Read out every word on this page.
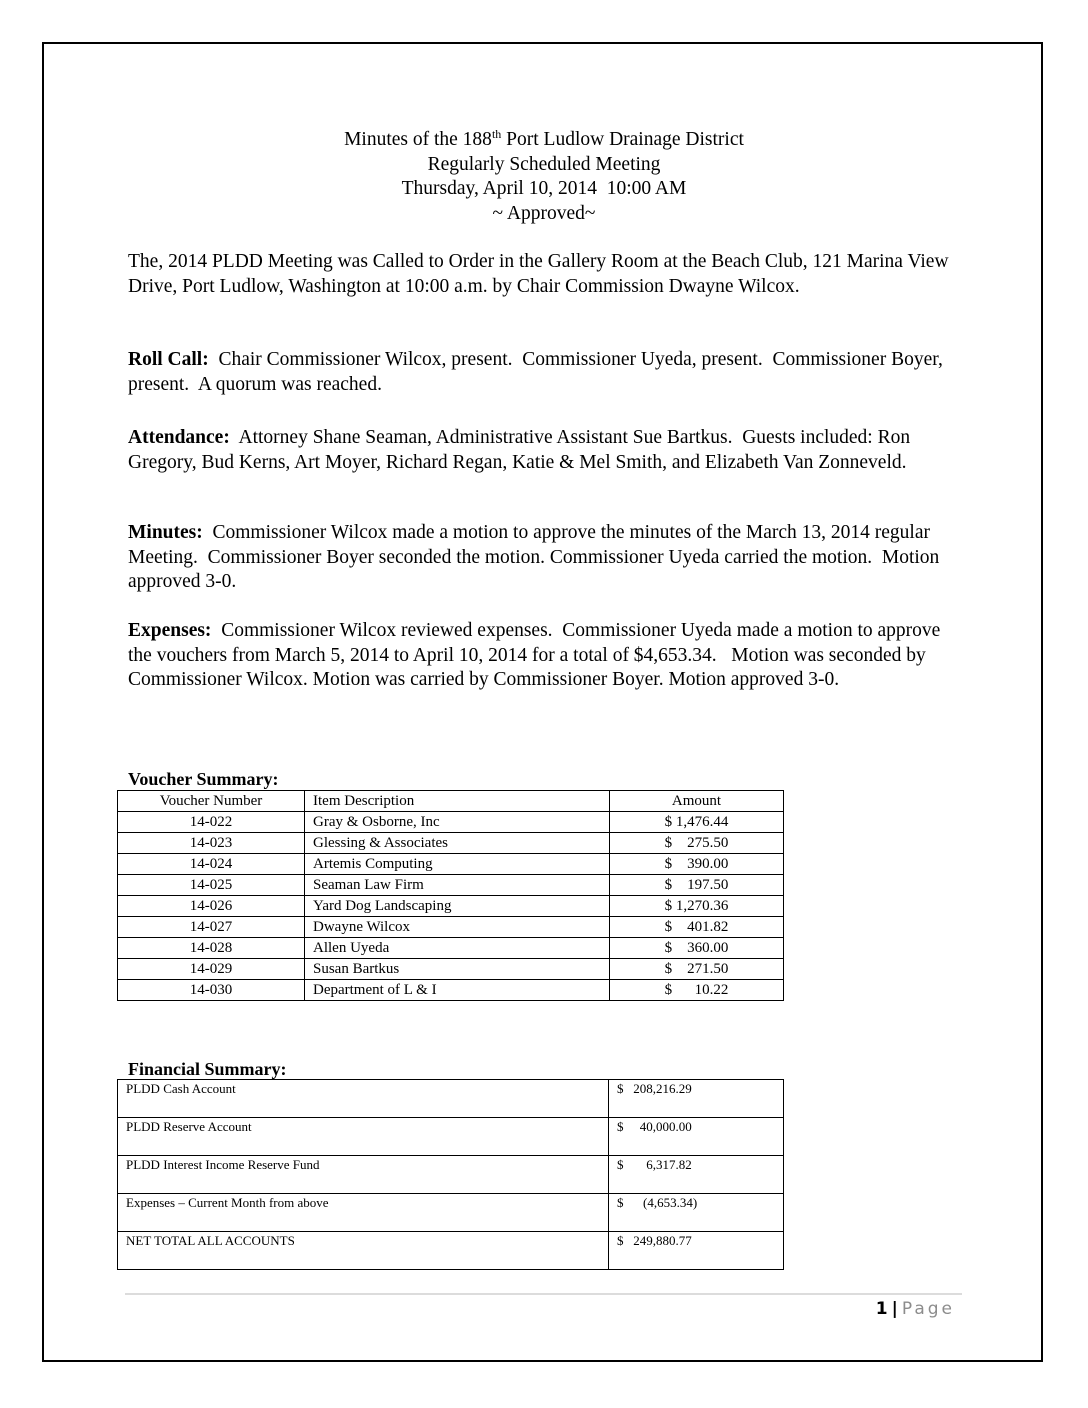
Minutes of the 188th Port Ludlow Drainage District
Regularly Scheduled Meeting
Thursday, April 10, 2014  10:00 AM
~ Approved~

The, 2014 PLDD Meeting was Called to Order in the Gallery Room at the Beach Club, 121 Marina View Drive, Port Ludlow, Washington at 10:00 a.m. by Chair Commission Dwayne Wilcox.

Roll Call:  Chair Commissioner Wilcox, present.  Commissioner Uyeda, present.  Commissioner Boyer, present.  A quorum was reached.

Attendance:  Attorney Shane Seaman, Administrative Assistant Sue Bartkus.  Guests included: Ron Gregory, Bud Kerns, Art Moyer, Richard Regan, Katie & Mel Smith, and Elizabeth Van Zonneveld.

Minutes:  Commissioner Wilcox made a motion to approve the minutes of the March 13, 2014 regular Meeting.  Commissioner Boyer seconded the motion. Commissioner Uyeda carried the motion.  Motion approved 3-0.

Expenses:  Commissioner Wilcox reviewed expenses.  Commissioner Uyeda made a motion to approve the vouchers from March 5, 2014 to April 10, 2014 for a total of $4,653.34.   Motion was seconded by Commissioner Wilcox. Motion was carried by Commissioner Boyer. Motion approved 3-0.

Voucher Summary:
Voucher Number	Item Description	Amount
14-022	Gray & Osborne, Inc	$ 1,476.44
14-023	Glessing & Associates	$    275.50
14-024	Artemis Computing	$    390.00
14-025	Seaman Law Firm	$    197.50
14-026	Yard Dog Landscaping	$ 1,270.36
14-027	Dwayne Wilcox	$    401.82
14-028	Allen Uyeda	$    360.00
14-029	Susan Bartkus	$    271.50
14-030	Department of L & I	$      10.22
Financial Summary:
PLDD Cash Account	$   208,216.29
PLDD Reserve Account	$     40,000.00
PLDD Interest Income Reserve Fund	$       6,317.82
Expenses – Current Month from above	$      (4,653.34)
NET TOTAL ALL ACCOUNTS	$   249,880.77
1 | Page
